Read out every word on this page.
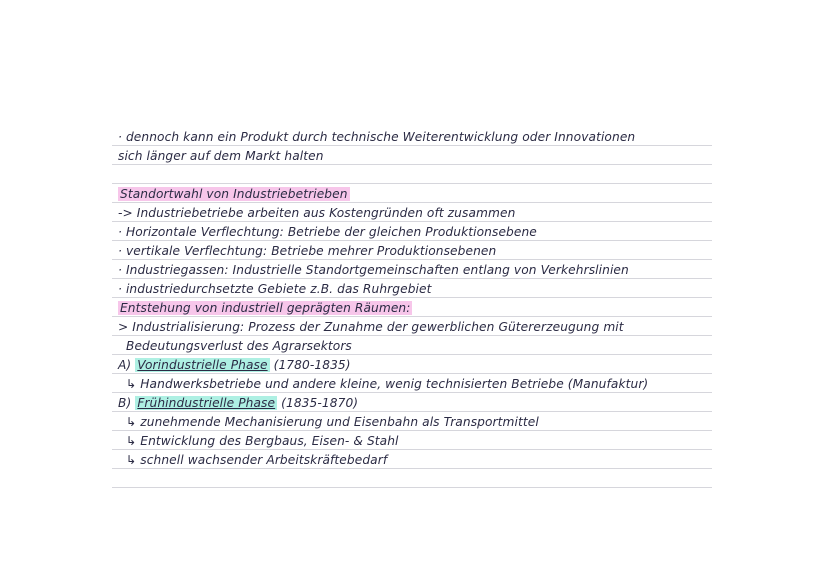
· dennoch kann ein Produkt durch technische Weiterentwicklung oder Innovationen
sich länger auf dem Markt halten
Standortwahl von Industriebetrieben
-> Industriebetriebe arbeiten aus Kostengründen oft zusammen
· Horizontale Verflechtung: Betriebe der gleichen Produktionsebene
· vertikale Verflechtung: Betriebe mehrer Produktionsebenen
· Industriegassen: Industrielle Standortgemeinschaften entlang von Verkehrslinien
· industriedurchsetzte Gebiete z.B. das Ruhrgebiet
Entstehung von industriell geprägten Räumen:
> Industrialisierung: Prozess der Zunahme der gewerblichen Gütererzeugung mit
Bedeutungsverlust des Agrarsektors
A) Vorindustrielle Phase (1780-1835)
↳ Handwerksbetriebe und andere kleine, wenig technisierten Betriebe (Manufaktur)
B) Frühindustrielle Phase (1835-1870)
↳ zunehmende Mechanisierung und Eisenbahn als Transportmittel
↳ Entwicklung des Bergbaus, Eisen- & Stahl
↳ schnell wachsender Arbeitskräftebedarf
